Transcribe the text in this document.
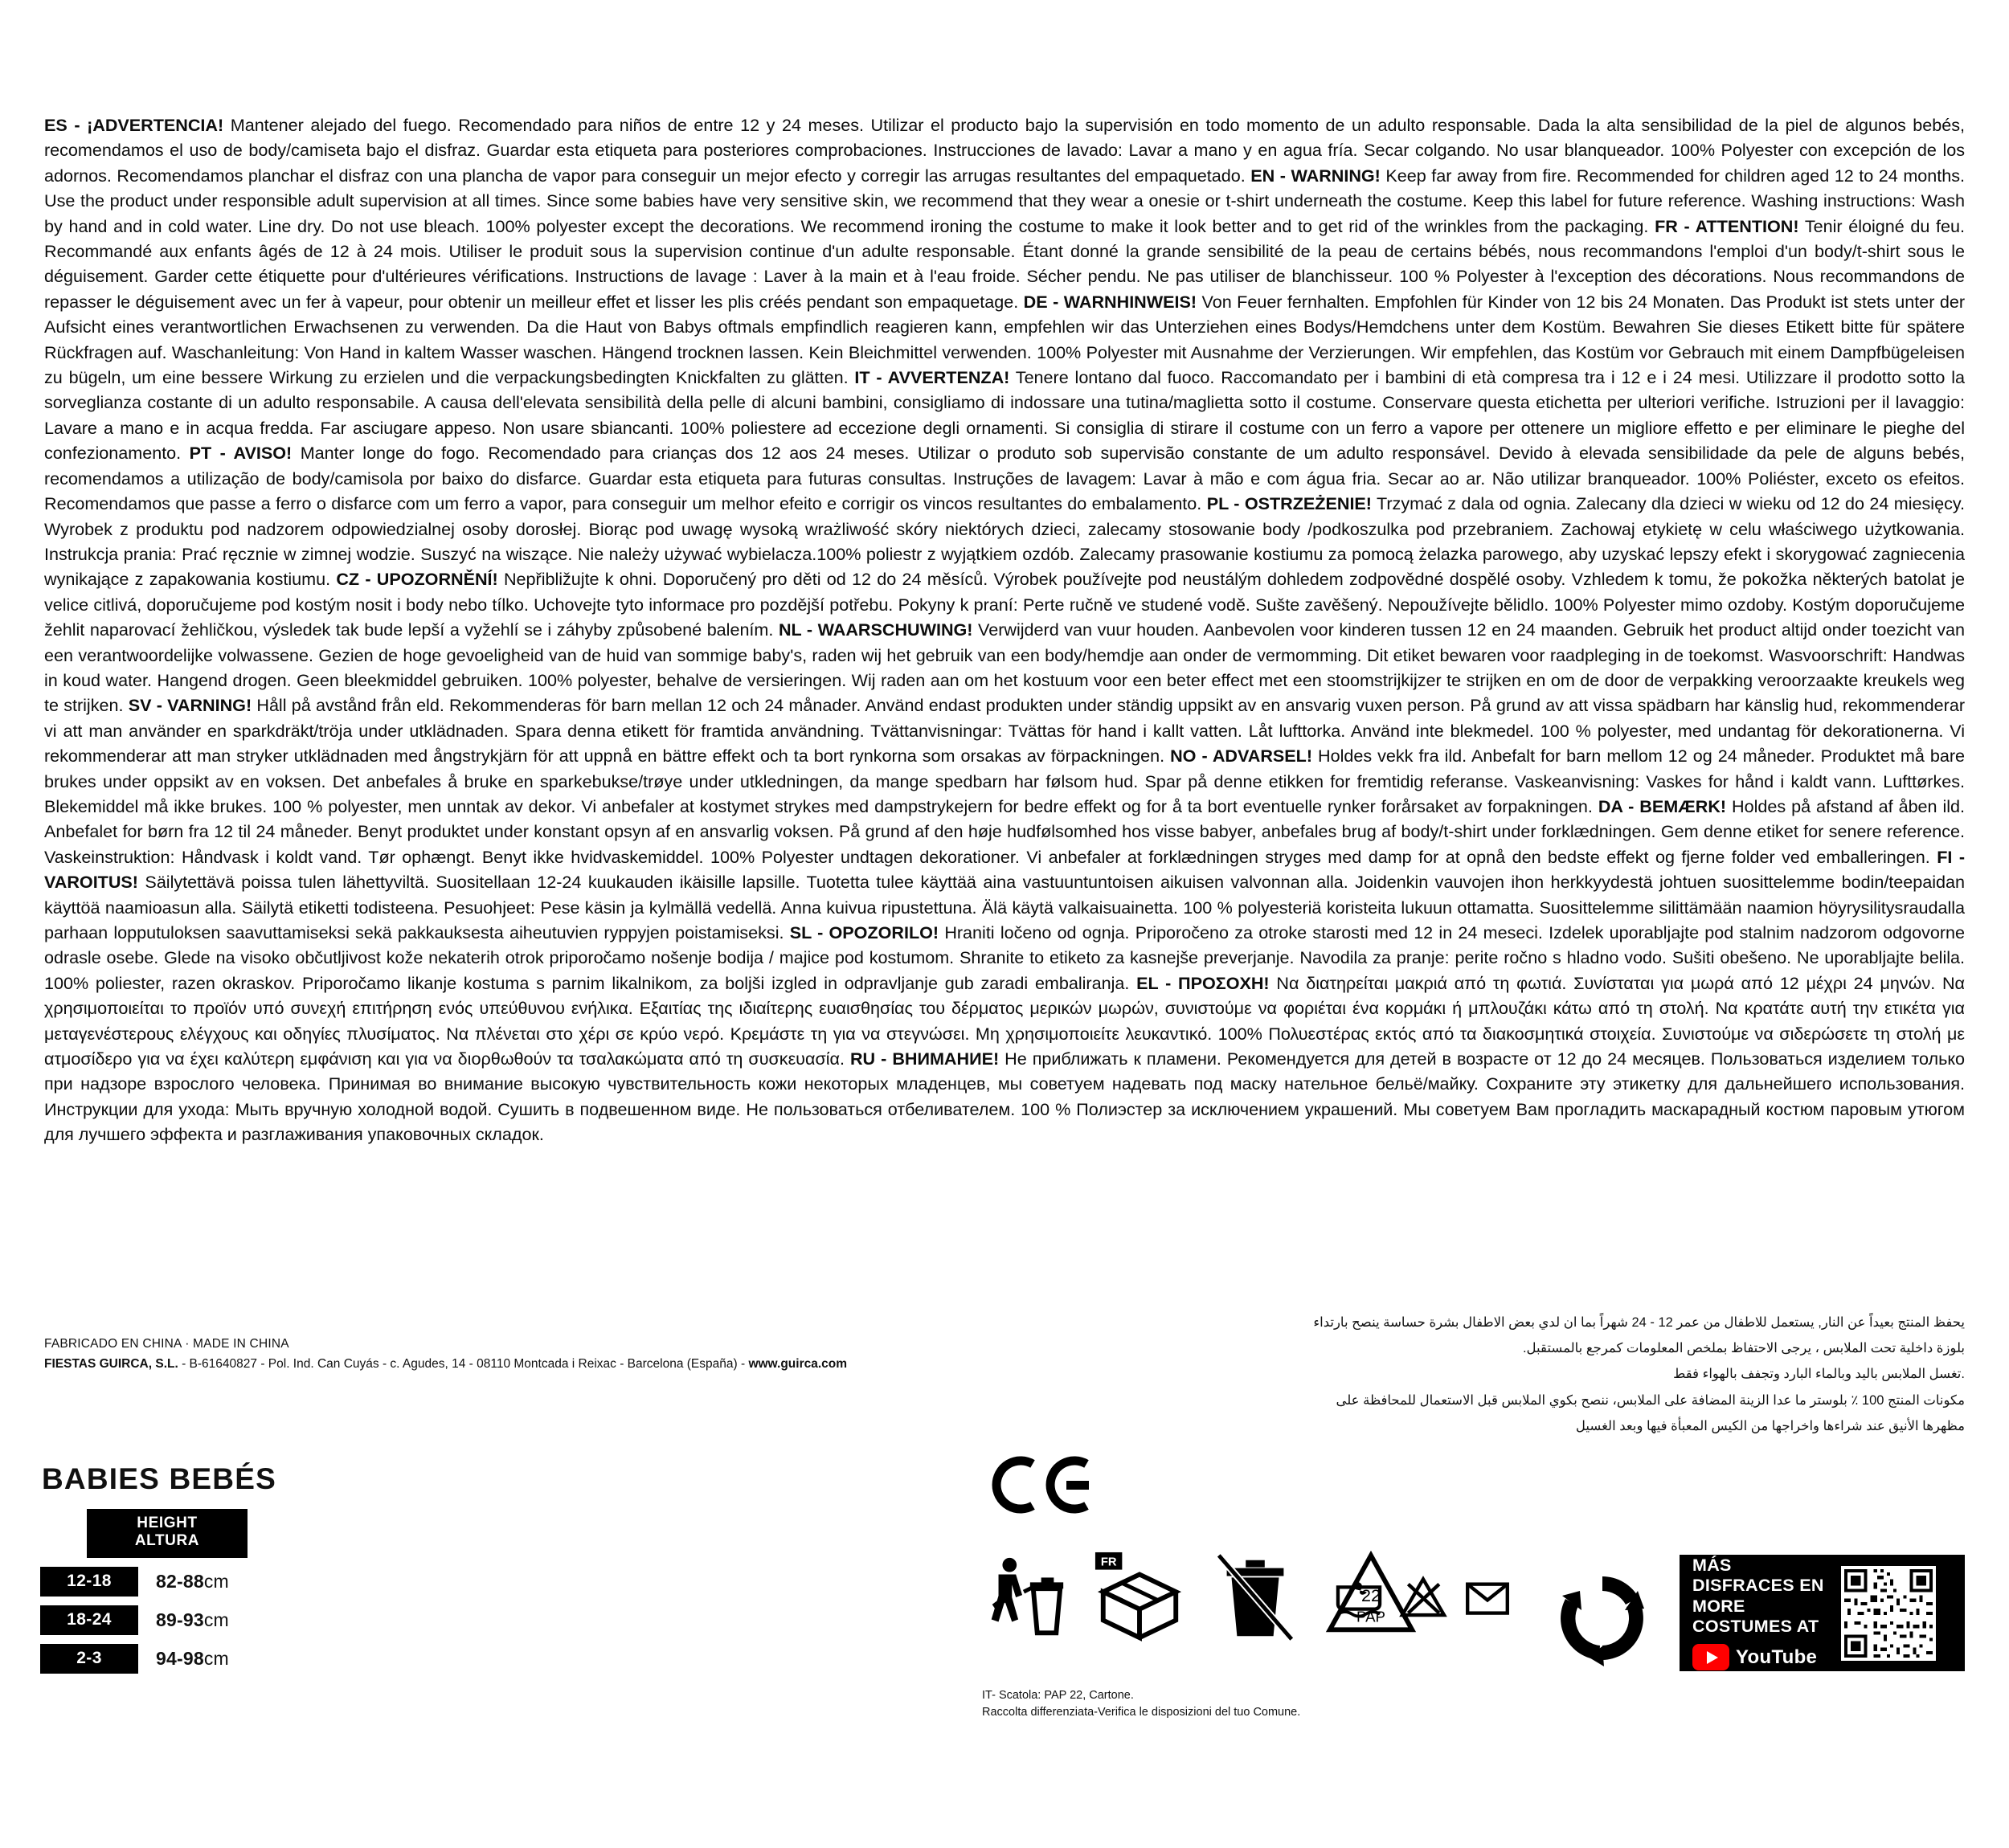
ES - ¡ADVERTENCIA! Mantener alejado del fuego. Recomendado para niños de entre 12 y 24 meses. Utilizar el producto bajo la supervisión en todo momento de un adulto responsable. Dada la alta sensibilidad de la piel de algunos bebés, recomendamos el uso de body/camiseta bajo el disfraz. Guardar esta etiqueta para posteriores comprobaciones. Instrucciones de lavado: Lavar a mano y en agua fría. Secar colgando. No usar blanqueador. 100% Polyester con excepción de los adornos. Recomendamos planchar el disfraz con una plancha de vapor para conseguir un mejor efecto y corregir las arrugas resultantes del empaquetado. EN - WARNING! Keep far away from fire. Recommended for children aged 12 to 24 months. Use the product under responsible adult supervision at all times. Since some babies have very sensitive skin, we recommend that they wear a onesie or t-shirt underneath the costume. Keep this label for future reference. Washing instructions: Wash by hand and in cold water. Line dry. Do not use bleach. 100% polyester except the decorations. We recommend ironing the costume to make it look better and to get rid of the wrinkles from the packaging. FR - ATTENTION! Tenir éloigné du feu. Recommandé aux enfants âgés de 12 à 24 mois. Utiliser le produit sous la supervision continue d'un adulte responsable. Étant donné la grande sensibilité de la peau de certains bébés, nous recommandons l'emploi d'un body/t-shirt sous le déguisement. Garder cette étiquette pour d'ultérieures vérifications. Instructions de lavage : Laver à la main et à l'eau froide. Sécher pendu. Ne pas utiliser de blanchisseur. 100 % Polyester à l'exception des décorations. Nous recommandons de repasser le déguisement avec un fer à vapeur, pour obtenir un meilleur effet et lisser les plis créés pendant son empaquetage. DE - WARNHINWEIS! Von Feuer fernhalten. Empfohlen für Kinder von 12 bis 24 Monaten. Das Produkt ist stets unter der Aufsicht eines verantwortlichen Erwachsenen zu verwenden. Da die Haut von Babys oftmals empfindlich reagieren kann, empfehlen wir das Unterziehen eines Bodys/Hemdchens unter dem Kostüm. Bewahren Sie dieses Etikett bitte für spätere Rückfragen auf. Waschanleitung: Von Hand in kaltem Wasser waschen. Hängend trocknen lassen. Kein Bleichmittel verwenden. 100% Polyester mit Ausnahme der Verzierungen. Wir empfehlen, das Kostüm vor Gebrauch mit einem Dampfbügeleisen zu bügeln, um eine bessere Wirkung zu erzielen und die verpackungsbedingten Knickfalten zu glätten. IT - AVVERTENZA! Tenere lontano dal fuoco. Raccomandato per i bambini di età compresa tra i 12 e i 24 mesi. Utilizzare il prodotto sotto la sorveglianza costante di un adulto responsabile. A causa dell'elevata sensibilità della pelle di alcuni bambini, consigliamo di indossare una tutina/maglietta sotto il costume. Conservare questa etichetta per ulteriori verifiche. Istruzioni per il lavaggio: Lavare a mano e in acqua fredda. Far asciugare appeso. Non usare sbiancanti. 100% poliestere ad eccezione degli ornamenti. Si consiglia di stirare il costume con un ferro a vapore per ottenere un migliore effetto e per eliminare le pieghe del confezionamento. PT - AVISO! Manter longe do fogo. Recomendado para crianças dos 12 aos 24 meses. Utilizar o produto sob supervisão constante de um adulto responsável. Devido à elevada sensibilidade da pele de alguns bebés, recomendamos a utilização de body/camisola por baixo do disfarce. Guardar esta etiqueta para futuras consultas. Instruções de lavagem: Lavar à mão e com água fria. Secar ao ar. Não utilizar branqueador. 100% Poliéster, exceto os efeitos. Recomendamos que passe a ferro o disfarce com um ferro a vapor, para conseguir um melhor efeito e corrigir os vincos resultantes do embalamento. PL - OSTRZEŻENIE! Trzymać z dala od ognia. Zalecany dla dzieci w wieku od 12 do 24 miesięcy. Wyrobek z produktu pod nadzorem odpowiedzialnej osoby dorosłej. Biorąc pod uwagę wysoką wrażliwość skóry niektórych dzieci, zalecamy stosowanie body /podkoszulka pod przebraniem. Zachowaj etykietę w celu właściwego użytkowania. Instrukcja prania: Prać ręcznie w zimnej wodzie. Suszyć na wiszące. Nie należy używać wybielacza.100% poliestr z wyjątkiem ozdób. Zalecamy prasowanie kostiumu za pomocą żelazka parowego, aby uzyskać lepszy efekt i skorygować zagniecenia wynikające z zapakowania kostiumu. CZ - UPOZORNĚNÍ! Nepřibližujte k ohni. Doporučený pro děti od 12 do 24 měsíců. Výrobek používejte pod neustálým dohledem zodpovědné dospělé osoby. Vzhledem k tomu, že pokožka některých batolat je velice citlivá, doporučujeme pod kostým nosit i body nebo tílko. Uchovejte tyto informace pro pozdější potřebu. Pokyny k praní: Perte ručně ve studené vodě. Sušte zavěšený. Nepoužívejte bělidlo. 100% Polyester mimo ozdoby. Kostým doporučujeme žehlit naparovací žehličkou, výsledek tak bude lepší a vyžehlí se i záhyby způsobené balením. NL - WAARSCHUWING! Verwijderd van vuur houden. Aanbevolen voor kinderen tussen 12 en 24 maanden. Gebruik het product altijd onder toezicht van een verantwoordelijke volwassene. Gezien de hoge gevoeligheid van de huid van sommige baby's, raden wij het gebruik van een body/hemdje aan onder de vermomming. Dit etiket bewaren voor raadpleging in de toekomst. Wasvoorschrift: Handwas in koud water. Hangend drogen. Geen bleekmiddel gebruiken. 100% polyester, behalve de versieringen. Wij raden aan om het kostuum voor een beter effect met een stoomstrijkijzer te strijken en om de door de verpakking veroorzaakte kreukels weg te strijken. SV - VARNING! Håll på avstånd från eld. Rekommenderas för barn mellan 12 och 24 månader. Använd endast produkten under ständig uppsikt av en ansvarig vuxen person. På grund av att vissa spädbarn har känslig hud, rekommenderar vi att man använder en sparkdräkt/tröja under utklädnaden. Spara denna etikett för framtida användning. Tvättanvisningar: Tvättas för hand i kallt vatten. Låt lufttorka. Använd inte blekmedel. 100 % polyester, med undantag för dekorationerna. Vi rekommenderar att man stryker utklädnaden med ångstrykjärn för att uppnå en bättre effekt och ta bort rynkorna som orsakas av förpackningen. NO - ADVARSEL! Holdes vekk fra ild. Anbefalt for barn mellom 12 og 24 måneder. Produktet må bare brukes under oppsikt av en voksen. Det anbefales å bruke en sparkebukse/trøye under utkledningen, da mange spedbarn har følsom hud. Spar på denne etikken for fremtidig referanse. Vaskeanvisning: Vaskes for hånd i kaldt vann. Lufttørkes. Blekemiddel må ikke brukes. 100 % polyester, men unntak av dekor. Vi anbefaler at kostymet strykes med dampstrykejern for bedre effekt og for å ta bort eventuelle rynker forårsaket av forpakningen. DA - BEMÆRK! Holdes på afstand af åben ild. Anbefalet for børn fra 12 til 24 måneder. Benyt produktet under konstant opsyn af en ansvarlig voksen. På grund af den høje hudfølsomhed hos visse babyer, anbefales brug af body/t-shirt under forklædningen. Gem denne etiket for senere reference. Vaskeinstruktion: Håndvask i koldt vand. Tør ophængt. Benyt ikke hvidvaskemiddel. 100% Polyester undtagen dekorationer. Vi anbefaler at forklædningen stryges med damp for at opnå den bedste effekt og fjerne folder ved emballeringen. FI - VAROITUS! Säilytettävä poissa tulen lähettyviltä. Suositellaan 12-24 kuukauden ikäisille lapsille. Tuotetta tulee käyttää aina vastuuntuntoisen aikuisen valvonnan alla. Joidenkin vauvojen ihon herkkyydestä johtuen suosittelemme bodin/teepaidan käyttöä naamioasun alla. Säilytä etiketti todisteena. Pesuohjeet: Pese käsin ja kylmällä vedellä. Anna kuivua ripustettuna. Älä käytä valkaisuainetta. 100 % polyesteriä koristeita lukuun ottamatta. Suosittelemme silittämään naamion höyrysilitysraudalla parhaan lopputuloksen saavuttamiseksi sekä pakkauksesta aiheutuvien ryppyjen poistamiseksi. SL - OPOZORILO! Hraniti ločeno od ognja. Priporočeno za otroke starosti med 12 in 24 meseci. Izdelek uporabljajte pod stalnim nadzorom odgovorne odrasle osebe. Glede na visoko občutljivost kože nekaterih otrok priporočamo nošenje bodija / majice pod kostumom. Shranite to etiketo za kasnejše preverjanje. Navodila za pranje: perite ročno s hladno vodo. Sušiti obešeno. Ne uporabljajte belila. 100% poliester, razen okraskov. Priporočamo likanje kostuma s parnim likalnikom, za boljši izgled in odpravljanje gub zaradi embaliranja. EL - ΠΡΟΣΟΧΗ! Να διατηρείται μακριά από τη φωτιά. Συνίσταται για μωρά από 12 μέχρι 24 μηνών. Να χρησιμοποιείται το προϊόν υπό συνεχή επιτήρηση ενός υπεύθυνου ενήλικα. Εξαιτίας της ιδιαίτερης ευαισθησίας του δέρματος μερικών μωρών, συνιστούμε να φοριέται ένα κορμάκι ή μπλουζάκι κάτω από τη στολή. Να κρατάτε αυτή την ετικέτα για μεταγενέστερους ελέγχους και οδηγίες πλυσίματος. Να πλένεται στο χέρι σε κρύο νερό. Κρεμάστε τη για να στεγνώσει. Μη χρησιμοποιείτε λευκαντικό. 100% Πολυεστέρας εκτός από τα διακοσμητικά στοιχεία. Συνιστούμε να σιδερώσετε τη στολή με ατμοσίδερο για να έχει καλύτερη εμφάνιση και για να διορθωθούν τα τσαλακώματα από τη συσκευασία. RU - ВНИМАНИЕ! Не приближать к пламени. Рекомендуется для детей в возрасте от 12 до 24 месяцев. Пользоваться изделием только при надзоре взрослого человека. Принимая во внимание высокую чувствительность кожи некоторых младенцев, мы советуем надевать под маску нательное бельё/майку. Сохраните эту этикетку для дальнейшего использования. Инструкции для ухода: Мыть вручную холодной водой. Сушить в подвешенном виде. Не пользоваться отбеливателем. 100 % Полиэстер за исключением украшений. Мы советуем Вам прогладить маскарадный костюм паровым утюгом для лучшего эффекта и разглаживания упаковочных складок.
FABRICADO EN CHINA · MADE IN CHINA
FIESTAS GUIRCA, S.L. - B-61640827 - Pol. Ind. Can Cuyás - c. Agudes, 14 - 08110 Montcada i Reixac - Barcelona (España) - www.guirca.com
يحفظ المنتج بعيداً عن النار, يستعمل للاطفال من عمر 12 - 24 شهراً بما ان لدي بعض الاطفال بشرة حساسة ينصح بارتداء
بلوزة داخلية تحت الملابس ، يرجى الاحتفاظ بملخص المعلومات كمرجع بالمستقبل.
.تغسل الملابس باليد وبالماء البارد وتجفف بالهواء فقط
مكونات المنتج 100 ٪ بلوستر ما عدا الزينة المضافة على الملابس، ننصح بكوي الملابس قبل الاستعمال للمحافظة على
مظهرها الأنيق عند شراءها واخراجها من الكيس المعبأة فيها وبعد الغسيل
BABIES BEBÉS
HEIGHT
ALTURA
12-18	82-88cm
18-24	89-93cm
2-3	94-98cm
FR
22
PAP
IT- Scatola: PAP 22, Cartone.
Raccolta differenziata-Verifica le disposizioni del tuo Comune.
MÁS DISFRACES EN
MORE COSTUMES AT
YouTube
